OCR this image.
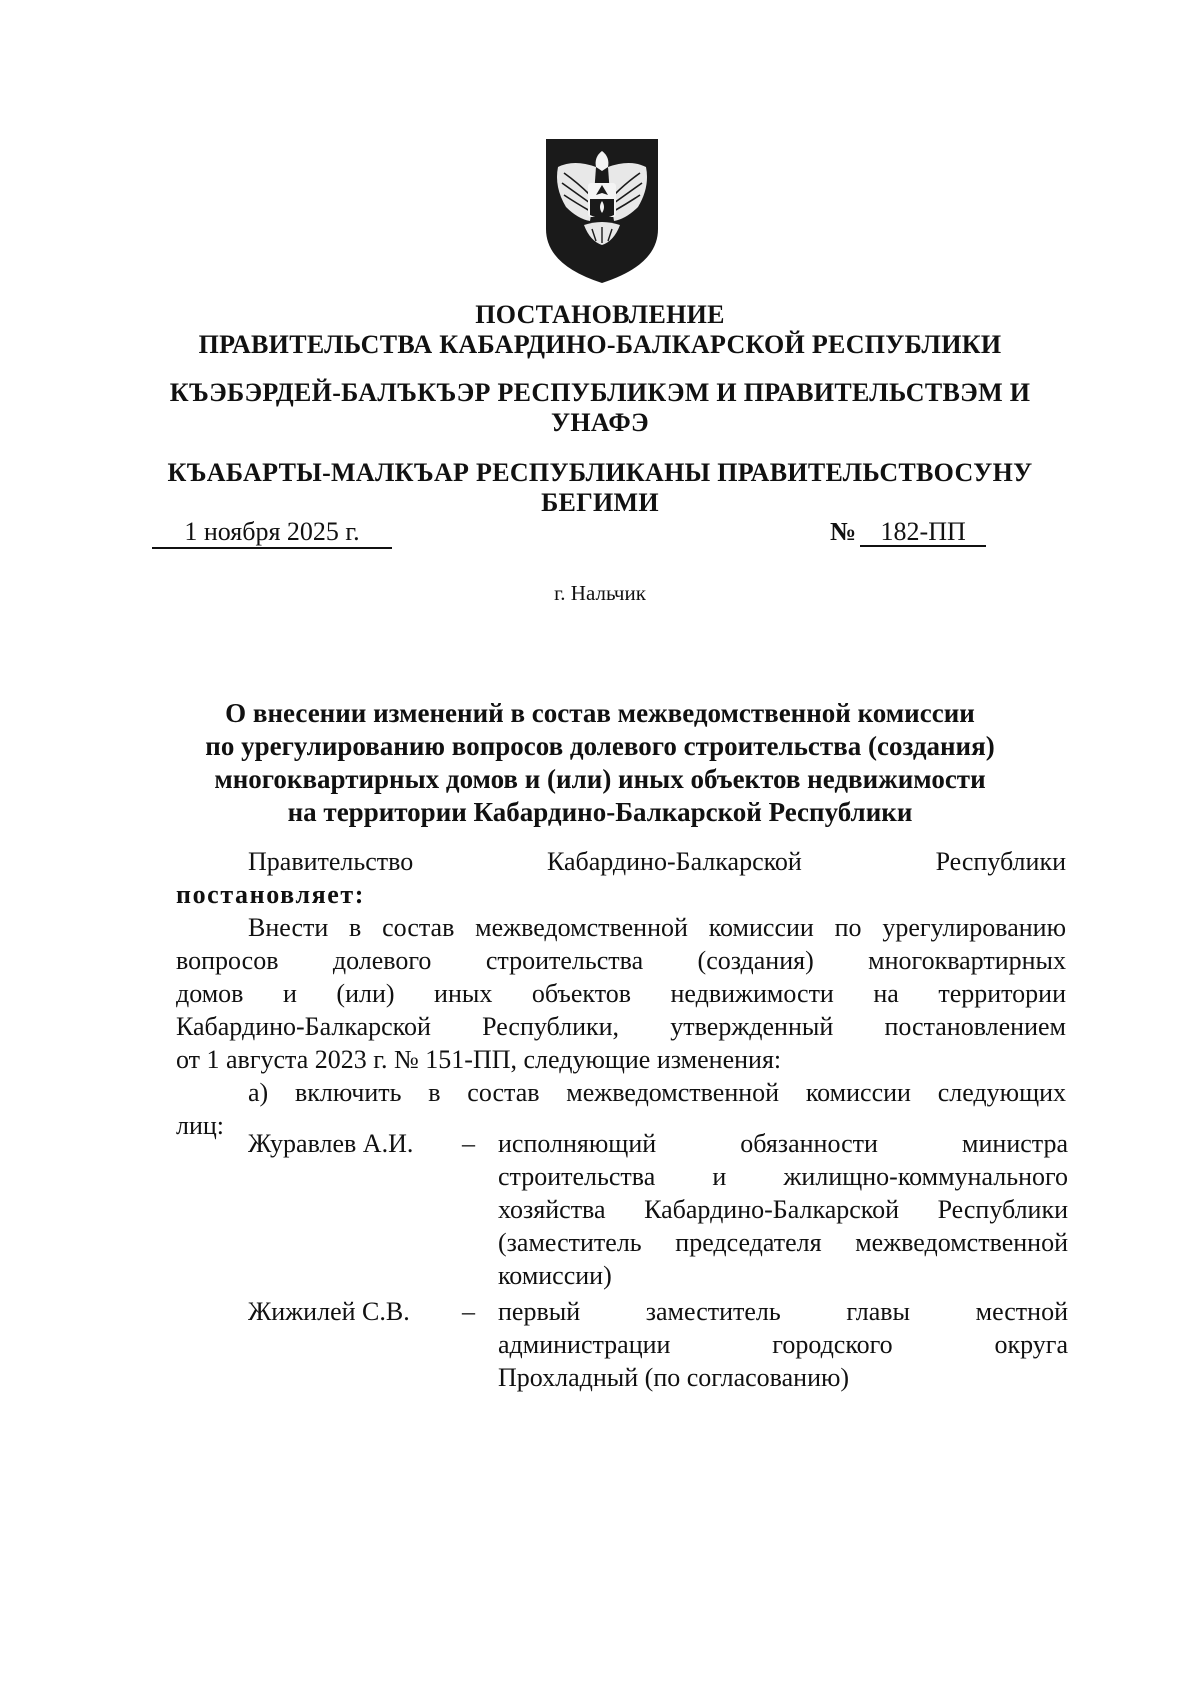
ПОСТАНОВЛЕНИЕ
ПРАВИТЕЛЬСТВА КАБАРДИНО-БАЛКАРСКОЙ РЕСПУБЛИКИ
КЪЭБЭРДЕЙ-БАЛЪКЪЭР РЕСПУБЛИКЭМ И ПРАВИТЕЛЬСТВЭМ И
УНАФЭ
КЪАБАРТЫ-МАЛКЪАР РЕСПУБЛИКАНЫ ПРАВИТЕЛЬСТВОСУНУ
БЕГИМИ
1 ноября 2025 г.	№ 182-ПП
г. Нальчик
О внесении изменений в состав межведомственной комиссии
по урегулированию вопросов долевого строительства (создания)
многоквартирных домов и (или) иных объектов недвижимости
на территории Кабардино-Балкарской Республики
Правительство	Кабардино-Балкарской	Республики
постановляет:
Внести в состав межведомственной комиссии по урегулированию
вопросов долевого строительства (создания) многоквартирных
домов и (или) иных объектов недвижимости на территории
Кабардино-Балкарской Республики, утвержденный постановлением
от 1 августа 2023 г. № 151-ПП, следующие изменения:
а) включить в состав межведомственной комиссии следующих
лиц:
Журавлев А.И.	– исполняющий обязанности министра
строительства и жилищно-коммунального
хозяйства Кабардино-Балкарской Республики
(заместитель председателя межведомственной
комиссии)
Жижилей С.В.	– первый заместитель главы местной
администрации городского округа
Прохладный (по согласованию)
